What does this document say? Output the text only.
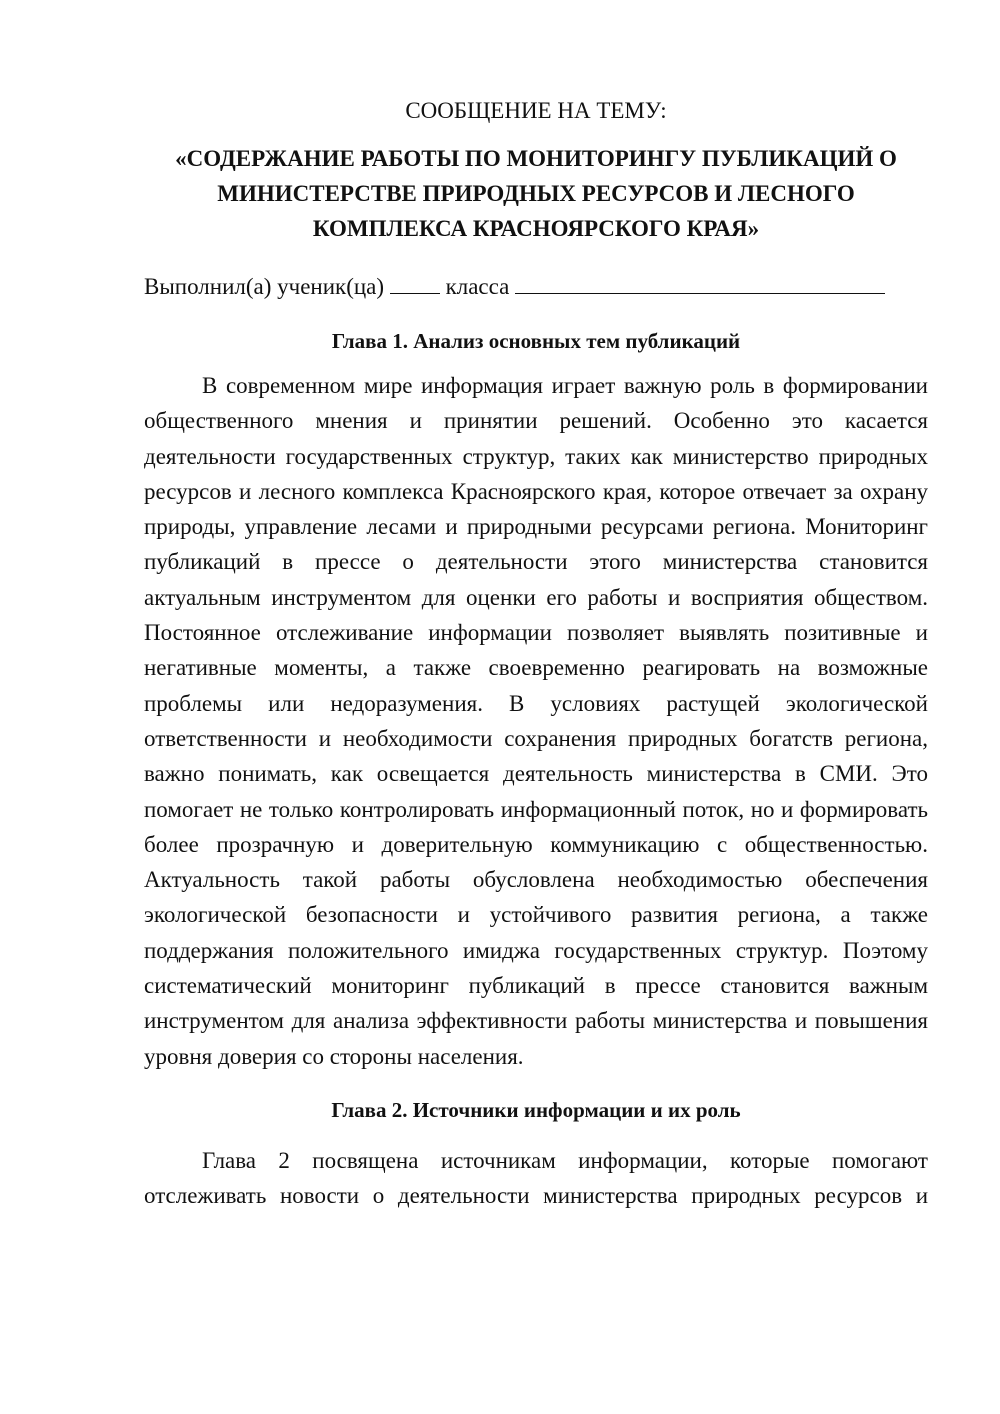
СООБЩЕНИЕ НА ТЕМУ:

«СОДЕРЖАНИЕ РАБОТЫ ПО МОНИТОРИНГУ ПУБЛИКАЦИЙ О
МИНИСТЕРСТВЕ ПРИРОДНЫХ РЕСУРСОВ И ЛЕСНОГО
КОМПЛЕКСА КРАСНОЯРСКОГО КРАЯ»

Выполнил(а) ученик(ца)	класса

Глава 1. Анализ основных тем публикаций

В современном мире информация играет важную роль в формировании общественного мнения и принятии решений. Особенно это касается деятельности государственных структур, таких как министерство природных ресурсов и лесного комплекса Красноярского края, которое отвечает за охрану природы, управление лесами и природными ресурсами региона. Мониторинг публикаций в прессе о деятельности этого министерства становится актуальным инструментом для оценки его работы и восприятия обществом. Постоянное отслеживание информации позволяет выявлять позитивные и негативные моменты, а также своевременно реагировать на возможные проблемы или недоразумения. В условиях растущей экологической ответственности и необходимости сохранения природных богатств региона, важно понимать, как освещается деятельность министерства в СМИ. Это помогает не только контролировать информационный поток, но и формировать более прозрачную и доверительную коммуникацию с общественностью. Актуальность такой работы обусловлена необходимостью обеспечения экологической безопасности и устойчивого развития региона, а также поддержания положительного имиджа государственных структур. Поэтому систематический мониторинг публикаций в прессе становится важным инструментом для анализа эффективности работы министерства и повышения уровня доверия со стороны населения.

Глава 2. Источники информации и их роль

Глава 2 посвящена источникам информации, которые помогают отслеживать новости о деятельности министерства природных ресурсов и
